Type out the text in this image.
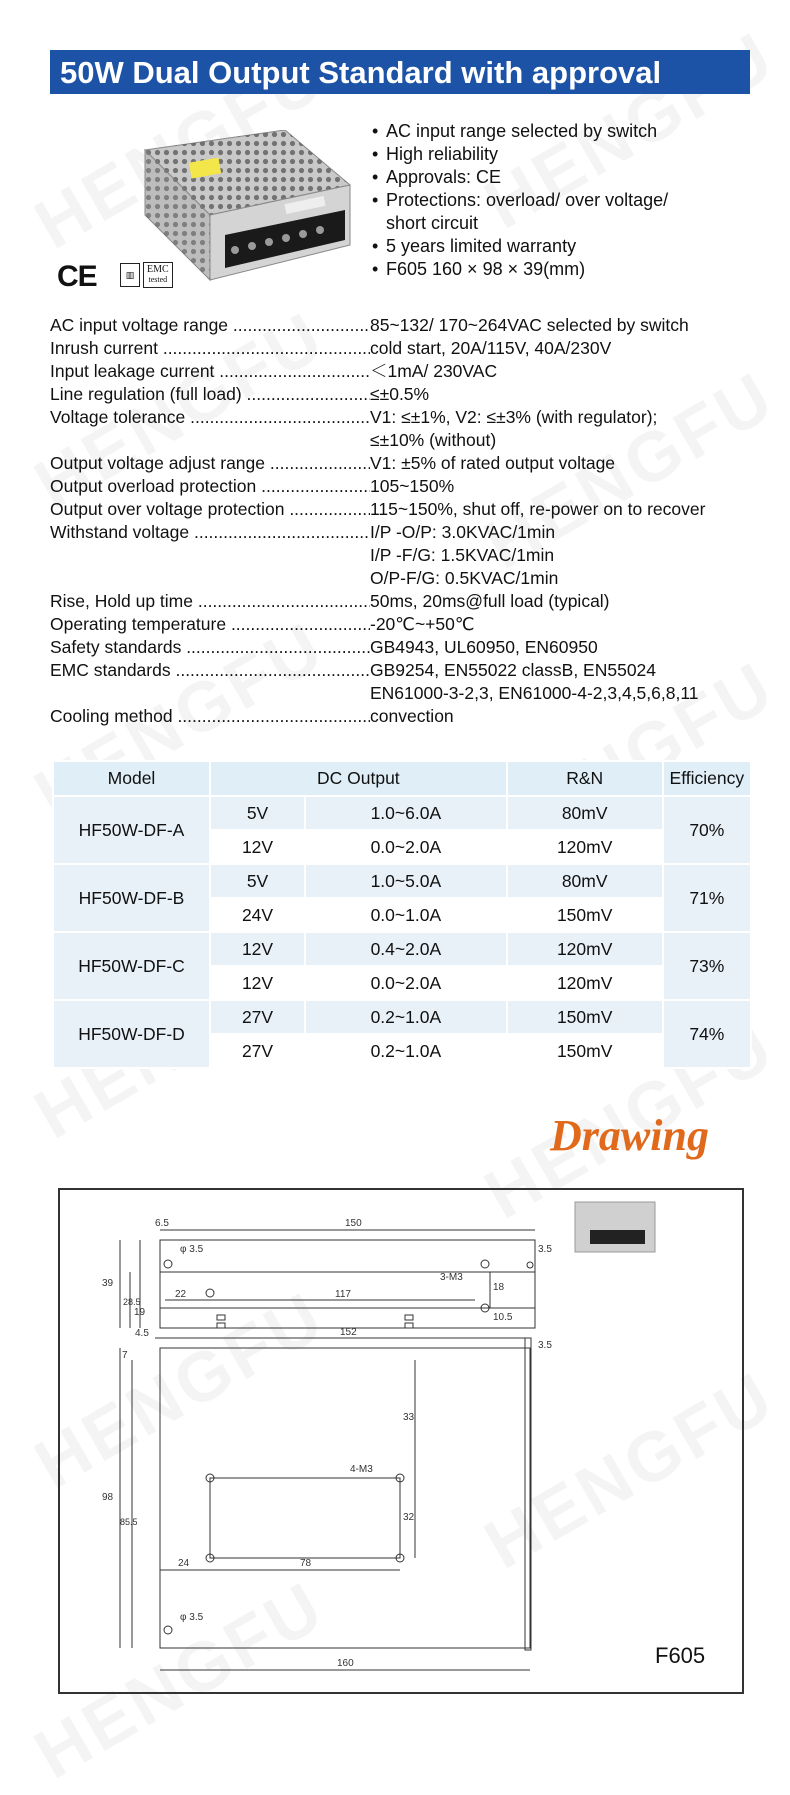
50W Dual Output Standard with approval
CE	▥	EMC
tested
• AC input range selected by switch
• High reliability
• Approvals: CE
• Protections: overload/ over voltage/
short circuit
• 5 years limited warranty
• F605 160 × 98 × 39(mm)
AC input voltage range .....	85~132/ 170~264VAC selected by switch
Inrush current .....	cold start, 20A/115V, 40A/230V
Input leakage current .....	＜1mA/ 230VAC
Line regulation (full load) .....	≤±0.5%
Voltage tolerance .....	V1: ≤±1%, V2: ≤±3% (with regulator);
≤±10% (without)
Output voltage adjust range .....	V1: ±5% of rated output voltage
Output overload protection .....	105~150%
Output over voltage protection .....	115~150%, shut off, re-power on to recover
Withstand voltage .....	I/P -O/P: 3.0KVAC/1min
I/P -F/G: 1.5KVAC/1min
O/P-F/G: 0.5KVAC/1min
Rise, Hold up time .....	50ms, 20ms@full load (typical)
Operating temperature .....	-20℃~+50℃
Safety standards .....	GB4943, UL60950, EN60950
EMC standards .....	GB9254, EN55022 classB, EN55024
EN61000-3-2,3, EN61000-4-2,3,4,5,6,8,11
Cooling method .....	convection
Model	DC Output		R&N	Efficiency
HF50W-DF-A	5V	1.0~6.0A	80mV	70%
	12V	0.0~2.0A	120mV	
HF50W-DF-B	5V	1.0~5.0A	80mV	71%
	24V	0.0~1.0A	150mV	
HF50W-DF-C	12V	0.4~2.0A	120mV	73%
	12V	0.0~2.0A	120mV	
HF50W-DF-D	27V	0.2~1.0A	150mV	74%
	27V	0.2~1.0A	150mV	
Drawing
6.5	150
φ 3.5
3-M3
3.5
39
28.5
19
22	117
18
10.5
4.5	152
3.5
7
33
4-M3
98
85.5	32
24	78
φ 3.5
160	F605
